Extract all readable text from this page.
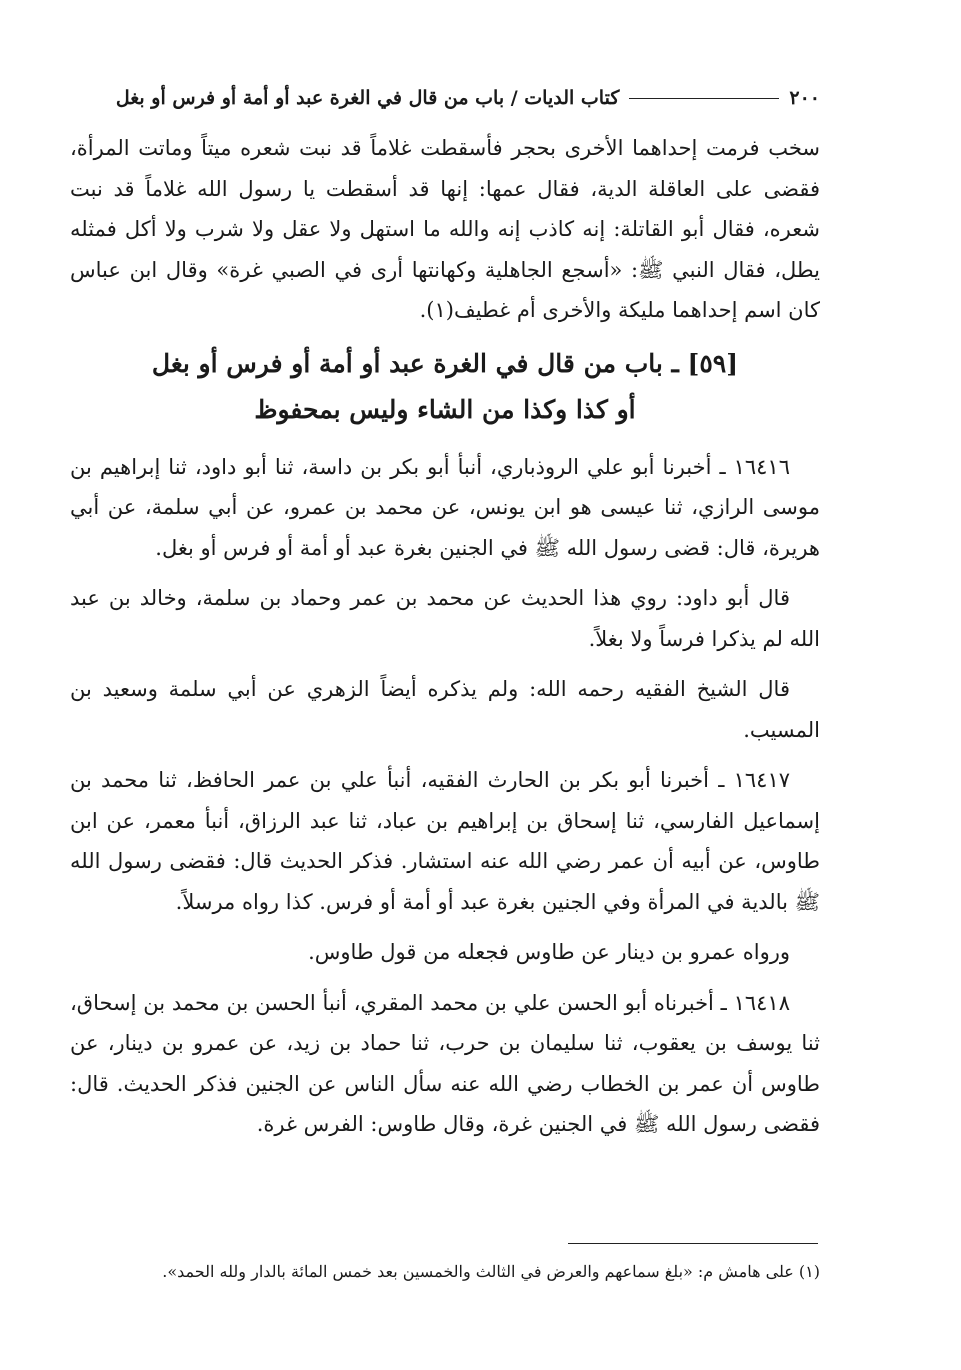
٢٠٠
كتاب الديات / باب من قال في الغرة عبد أو أمة أو فرس أو بغل

سخب فرمت إحداهما الأخرى بحجر فأسقطت غلاماً قد نبت شعره ميتاً وماتت المرأة، فقضى على العاقلة الدية، فقال عمها: إنها قد أسقطت يا رسول الله غلاماً قد نبت شعره، فقال أبو القاتلة: إنه كاذب إنه والله ما استهل ولا عقل ولا شرب ولا أكل فمثله يطل، فقال النبي ﷺ: «أسجع الجاهلية وكهانتها أرى في الصبي غرة» وقال ابن عباس كان اسم إحداهما مليكة والأخرى أم غطيف(١).

[٥٩] ـ باب من قال في الغرة عبد أو أمة أو فرس أو بغل
أو كذا وكذا من الشاء وليس بمحفوظ

١٦٤١٦ ـ أخبرنا أبو علي الروذباري، أنبأ أبو بكر بن داسة، ثنا أبو داود، ثنا إبراهيم بن موسى الرازي، ثنا عيسى هو ابن يونس، عن محمد بن عمرو، عن أبي سلمة، عن أبي هريرة، قال: قضى رسول الله ﷺ في الجنين بغرة عبد أو أمة أو فرس أو بغل.

قال أبو داود: روي هذا الحديث عن محمد بن عمر وحماد بن سلمة، وخالد بن عبد الله لم يذكرا فرساً ولا بغلاً.

قال الشيخ الفقيه رحمه الله: ولم يذكره أيضاً الزهري عن أبي سلمة وسعيد بن المسيب.

١٦٤١٧ ـ أخبرنا أبو بكر بن الحارث الفقيه، أنبأ علي بن عمر الحافظ، ثنا محمد بن إسماعيل الفارسي، ثنا إسحاق بن إبراهيم بن عباد، ثنا عبد الرزاق، أنبأ معمر، عن ابن طاوس، عن أبيه أن عمر رضي الله عنه استشار. فذكر الحديث قال: فقضى رسول الله ﷺ بالدية في المرأة وفي الجنين بغرة عبد أو أمة أو فرس. كذا رواه مرسلاً.

ورواه عمرو بن دينار عن طاوس فجعله من قول طاوس.

١٦٤١٨ ـ أخبرناه أبو الحسن علي بن محمد المقري، أنبأ الحسن بن محمد بن إسحاق، ثنا يوسف بن يعقوب، ثنا سليمان بن حرب، ثنا حماد بن زيد، عن عمرو بن دينار، عن طاوس أن عمر بن الخطاب رضي الله عنه سأل الناس عن الجنين فذكر الحديث. قال: فقضى رسول الله ﷺ في الجنين غرة، وقال طاوس: الفرس غرة.

(١) على هامش م: «بلغ سماعهم والعرض في الثالث والخمسين بعد خمس المائة بالدار ولله الحمد».
